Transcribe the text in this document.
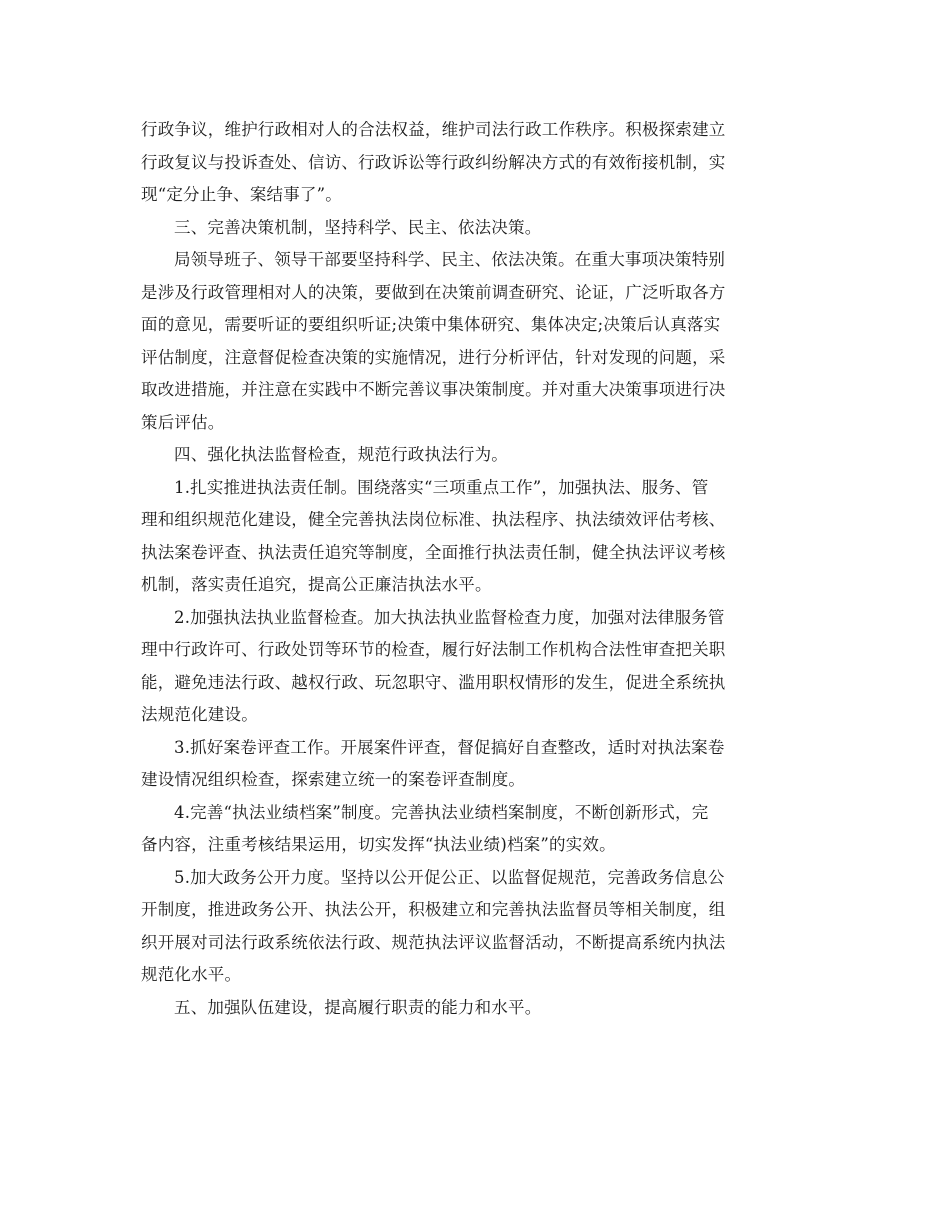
行政争议，维护行政相对人的合法权益，维护司法行政工作秩序。积极探索建立
行政复议与投诉查处、信访、行政诉讼等行政纠纷解决方式的有效衔接机制，实
现“定分止争、案结事了”。
三、完善决策机制，坚持科学、民主、依法决策。
局领导班子、领导干部要坚持科学、民主、依法决策。在重大事项决策特别
是涉及行政管理相对人的决策，要做到在决策前调查研究、论证，广泛听取各方
面的意见，需要听证的要组织听证;决策中集体研究、集体决定;决策后认真落实
评估制度，注意督促检查决策的实施情况，进行分析评估，针对发现的问题，采
取改进措施，并注意在实践中不断完善议事决策制度。并对重大决策事项进行决
策后评估。
四、强化执法监督检查，规范行政执法行为。
1.扎实推进执法责任制。围绕落实“三项重点工作”，加强执法、服务、管
理和组织规范化建设，健全完善执法岗位标准、执法程序、执法绩效评估考核、
执法案卷评查、执法责任追究等制度，全面推行执法责任制，健全执法评议考核
机制，落实责任追究，提高公正廉洁执法水平。
2.加强执法执业监督检查。加大执法执业监督检查力度，加强对法律服务管
理中行政许可、行政处罚等环节的检查，履行好法制工作机构合法性审查把关职
能，避免违法行政、越权行政、玩忽职守、滥用职权情形的发生，促进全系统执
法规范化建设。
3.抓好案卷评查工作。开展案件评查，督促搞好自查整改，适时对执法案卷
建设情况组织检查，探索建立统一的案卷评查制度。
4.完善“执法业绩档案”制度。完善执法业绩档案制度，不断创新形式，完
备内容，注重考核结果运用，切实发挥“执法业绩)档案”的实效。
5.加大政务公开力度。坚持以公开促公正、以监督促规范，完善政务信息公
开制度，推进政务公开、执法公开，积极建立和完善执法监督员等相关制度，组
织开展对司法行政系统依法行政、规范执法评议监督活动，不断提高系统内执法
规范化水平。
五、加强队伍建设，提高履行职责的能力和水平。
